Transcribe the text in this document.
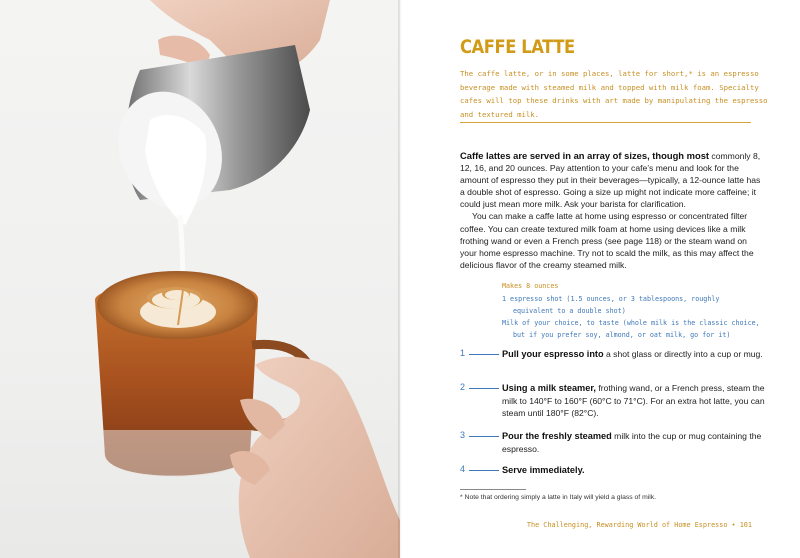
CAFFE LATTE
The caffe latte, or in some places, latte for short,* is an espresso beverage made with steamed milk and topped with milk foam. Specialty cafes will top these drinks with art made by manipulating the espresso and textured milk.

Caffe lattes are served in an array of sizes, though most commonly 8, 12, 16, and 20 ounces. Pay attention to your cafe’s menu and look for the amount of espresso they put in their beverages—typically, a 12-ounce latte has a double shot of espresso. Going a size up might not indicate more caffeine; it could just mean more milk. Ask your barista for clarification.

You can make a caffe latte at home using espresso or concentrated filter coffee. You can create textured milk foam at home using devices like a milk frothing wand or even a French press (see page 118) or the steam wand on your home espresso machine. Try not to scald the milk, as this may affect the delicious flavor of the creamy steamed milk.

Makes 8 ounces
1 espresso shot (1.5 ounces, or 3 tablespoons, roughly
equivalent to a double shot)
Milk of your choice, to taste (whole milk is the classic choice,
but if you prefer soy, almond, or oat milk, go for it)
1	Pull your espresso into a shot glass or directly into a cup or mug.
2	Using a milk steamer, frothing wand, or a French press, steam the milk to 140°F to 160°F (60°C to 71°C). For an extra hot latte, you can steam until 180°F (82°C).
3	Pour the freshly steamed milk into the cup or mug containing the espresso.
4	Serve immediately.
* Note that ordering simply a latte in Italy will yield a glass of milk.
The Challenging, Rewarding World of Home Espresso • 101
